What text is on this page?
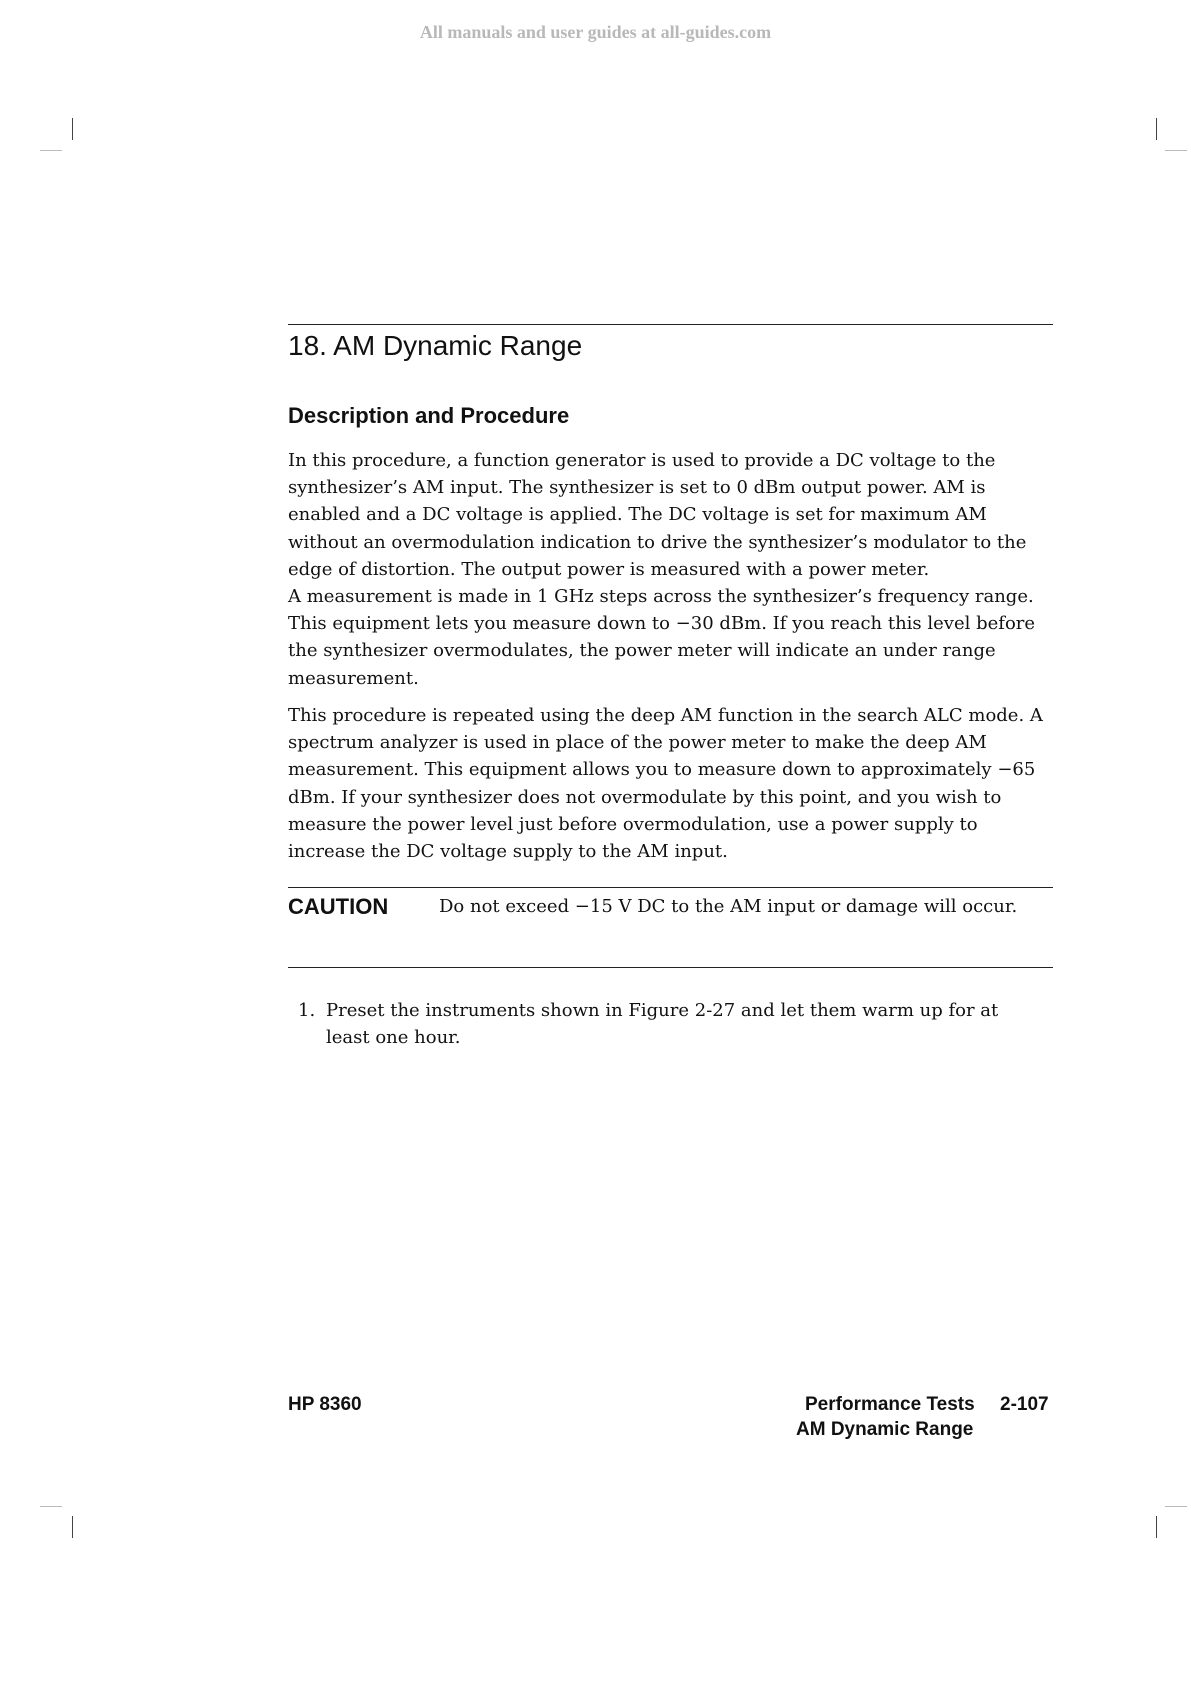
All manuals and user guides at all-guides.com
18. AM Dynamic Range
Description and Procedure

In this procedure, a function generator is used to provide a DC voltage to the synthesizer’s AM input. The synthesizer is set to 0 dBm output power. AM is enabled and a DC voltage is applied. The DC voltage is set for maximum AM without an overmodulation indication to drive the synthesizer’s modulator to the edge of distortion. The output power is measured with a power meter.

A measurement is made in 1 GHz steps across the synthesizer’s frequency range. This equipment lets you measure down to −30 dBm. If you reach this level before the synthesizer overmodulates, the power meter will indicate an under range measurement.

This procedure is repeated using the deep AM function in the search ALC mode. A spectrum analyzer is used in place of the power meter to make the deep AM measurement. This equipment allows you to measure down to approximately −65 dBm. If your synthesizer does not overmodulate by this point, and you wish to measure the power level just before overmodulation, use a power supply to increase the DC voltage supply to the AM input.

CAUTION	Do not exceed −15 V DC to the AM input or damage will occur.

1. Preset the instruments shown in Figure 2-27 and let them warm up for at least one hour.
HP 8360	Performance Tests 2-107
AM Dynamic Range
